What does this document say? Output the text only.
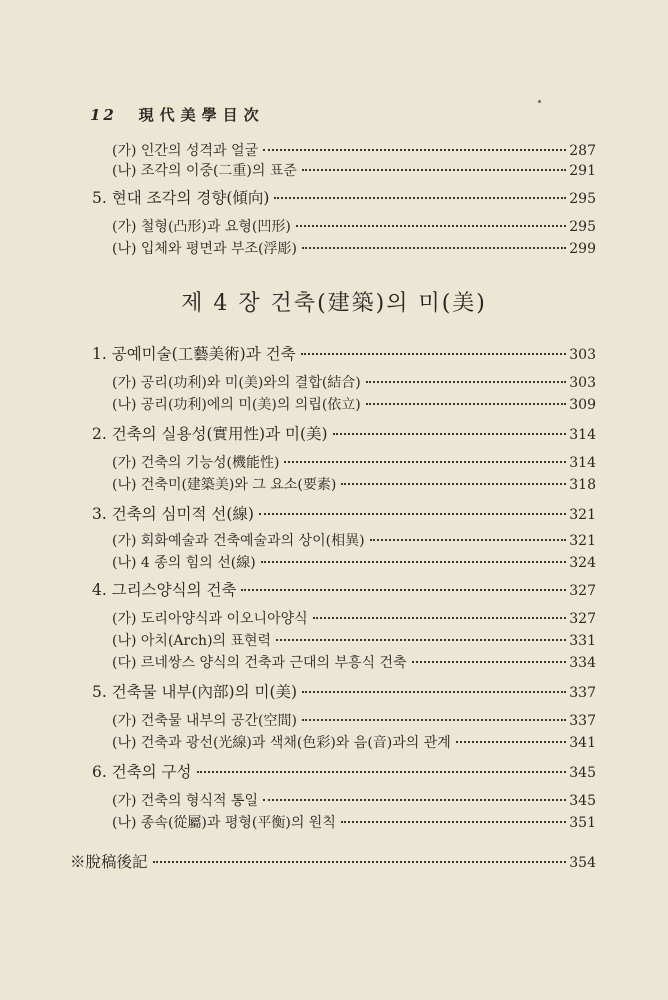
12 現代美學目次
제 4 장 건축(建築)의 미(美)
(가) 인간의 성격과 얼굴	287
(나) 조각의 이중(二重)의 표준	291
5. 현대 조각의 경향(傾向)	295
(가) 철형(凸形)과 요형(凹形)	295
(나) 입체와 평면과 부조(浮彫)	299
1. 공예미술(工藝美術)과 건축	303
(가) 공리(功利)와 미(美)와의 결합(結合)	303
(나) 공리(功利)에의 미(美)의 의립(依立)	309
2. 건축의 실용성(實用性)과 미(美)	314
(가) 건축의 기능성(機能性)	314
(나) 건축미(建築美)와 그 요소(要素)	318
3. 건축의 심미적 선(線)	321
(가) 회화예술과 건축예술과의 상이(相異)	321
(나) 4 종의 힘의 선(線)	324
4. 그리스양식의 건축	327
(가) 도리아양식과 이오니아양식	327
(나) 아치(Arch)의 표현력	331
(다) 르네쌍스 양식의 건축과 근대의 부흥식 건축	334
5. 건축물 내부(內部)의 미(美)	337
(가) 건축물 내부의 공간(空間)	337
(나) 건축과 광선(光線)과 색채(色彩)와 음(音)과의 관계	341
6. 건축의 구성	345
(가) 건축의 형식적 통일	345
(나) 종속(從屬)과 평형(平衡)의 원칙	351
※脫稿後記	354
